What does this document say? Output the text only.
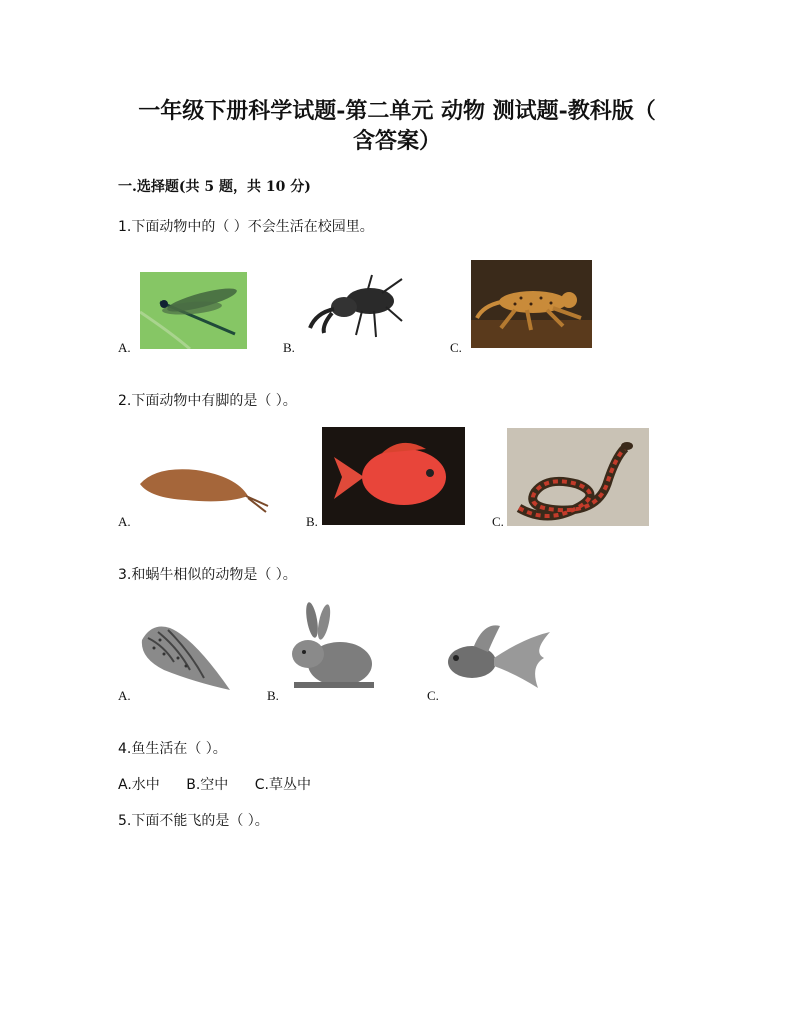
一年级下册科学试题-第二单元 动物 测试题-教科版（
含答案）
一.选择题(共 5 题，共 10 分)
1.下面动物中的（ ）不会生活在校园里。
A.	B.	C.
2.下面动物中有脚的是（ ）。
A.	B.	C.
3.和蜗牛相似的动物是（ ）。
A.	B.	C.
4.鱼生活在（ ）。
A.水中 B.空中 C.草丛中
5.下面不能飞的是（ ）。
